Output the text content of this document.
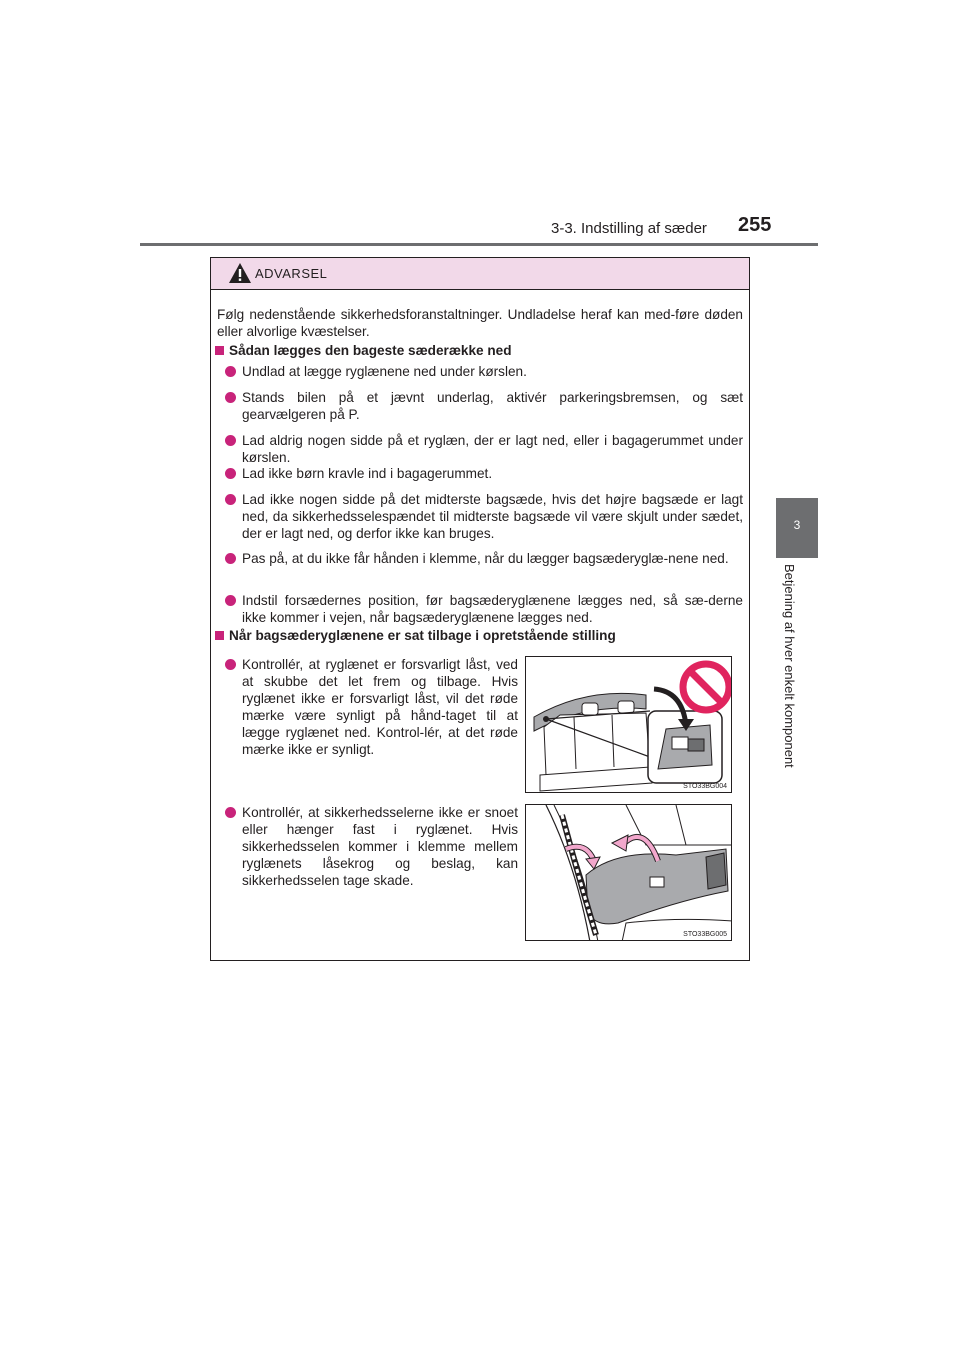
3-3. Indstilling af sæder 255
3
Betjening af hver enkelt komponent
ADVARSEL
Følg nedenstående sikkerhedsforanstaltninger. Undladelse heraf kan med-føre døden eller alvorlige kvæstelser.
Sådan lægges den bageste sæderække ned
Undlad at lægge ryglænene ned under kørslen.
Stands bilen på et jævnt underlag, aktivér parkeringsbremsen, og sæt gearvælgeren på P.
Lad aldrig nogen sidde på et ryglæn, der er lagt ned, eller i bagagerummet under kørslen.
Lad ikke børn kravle ind i bagagerummet.
Lad ikke nogen sidde på det midterste bagsæde, hvis det højre bagsæde er lagt ned, da sikkerhedsselespændet til midterste bagsæde vil være skjult under sædet, der er lagt ned, og derfor ikke kan bruges.
Pas på, at du ikke får hånden i klemme, når du lægger bagsæderyglæ-nene ned.
Indstil forsædernes position, før bagsæderyglænene lægges ned, så sæ-derne ikke kommer i vejen, når bagsæderyglænene lægges ned.
Når bagsæderyglænene er sat tilbage i opretstående stilling
Kontrollér, at ryglænet er forsvarligt låst, ved at skubbe det let frem og tilbage. Hvis ryglænet ikke er forsvarligt låst, vil det røde mærke være synligt på hånd-taget til at lægge ryglænet ned. Kontrol-lér, at det røde mærke ikke er synligt.
Kontrollér, at sikkerhedsselerne ikke er snoet eller hænger fast i ryglænet. Hvis sikkerhedsselen kommer i klemme mellem ryglænets låsekrog og beslag, kan sikkerhedsselen tage skade.
STO33BG004
STO33BG005
